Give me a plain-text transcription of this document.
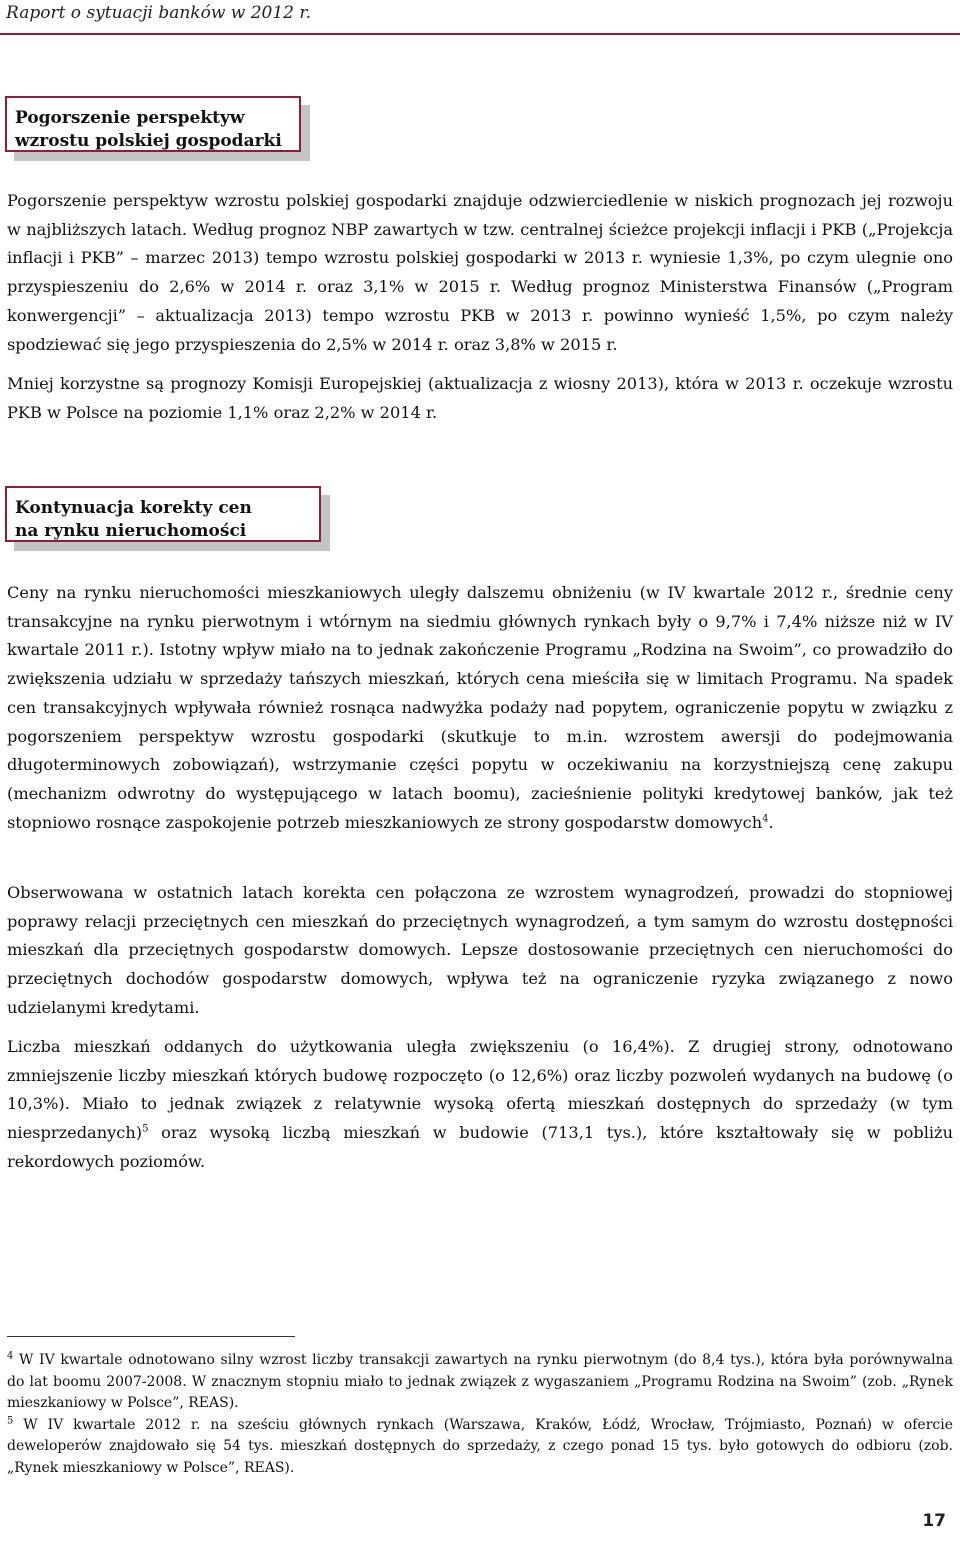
Raport o sytuacji banków w 2012 r.
Pogorszenie perspektyw
wzrostu polskiej gospodarki
Pogorszenie perspektyw wzrostu polskiej gospodarki znajduje odzwierciedlenie w niskich prognozach jej rozwoju w najbliższych latach. Według prognoz NBP zawartych w tzw. centralnej ścieżce projekcji inflacji i PKB („Projekcja inflacji i PKB” – marzec 2013) tempo wzrostu polskiej gospodarki w 2013 r. wyniesie 1,3%, po czym ulegnie ono przyspieszeniu do 2,6% w 2014 r. oraz 3,1% w 2015 r. Według prognoz Ministerstwa Finansów („Program konwergencji” – aktualizacja 2013) tempo wzrostu PKB w 2013 r. powinno wynieść 1,5%, po czym należy spodziewać się jego przyspieszenia do 2,5% w 2014 r. oraz 3,8% w 2015 r.
Mniej korzystne są prognozy Komisji Europejskiej (aktualizacja z wiosny 2013), która w 2013 r. oczekuje wzrostu PKB w Polsce na poziomie 1,1% oraz 2,2% w 2014 r.
Kontynuacja korekty cen
na rynku nieruchomości
Ceny na rynku nieruchomości mieszkaniowych uległy dalszemu obniżeniu (w IV kwartale 2012 r., średnie ceny transakcyjne na rynku pierwotnym i wtórnym na siedmiu głównych rynkach były o 9,7% i 7,4% niższe niż w IV kwartale 2011 r.). Istotny wpływ miało na to jednak zakończenie Programu „Rodzina na Swoim”, co prowadziło do zwiększenia udziału w sprzedaży tańszych mieszkań, których cena mieściła się w limitach Programu. Na spadek cen transakcyjnych wpływała również rosnąca nadwyżka podaży nad popytem, ograniczenie popytu w związku z pogorszeniem perspektyw wzrostu gospodarki (skutkuje to m.in. wzrostem awersji do podejmowania długoterminowych zobowiązań), wstrzymanie części popytu w oczekiwaniu na korzystniejszą cenę zakupu (mechanizm odwrotny do występującego w latach boomu), zacieśnienie polityki kredytowej banków, jak też stopniowo rosnące zaspokojenie potrzeb mieszkaniowych ze strony gospodarstw domowych$^4$.
Obserwowana w ostatnich latach korekta cen połączona ze wzrostem wynagrodzeń, prowadzi do stopniowej poprawy relacji przeciętnych cen mieszkań do przeciętnych wynagrodzeń, a tym samym do wzrostu dostępności mieszkań dla przeciętnych gospodarstw domowych. Lepsze dostosowanie przeciętnych cen nieruchomości do przeciętnych dochodów gospodarstw domowych, wpływa też na ograniczenie ryzyka związanego z nowo udzielanymi kredytami.
Liczba mieszkań oddanych do użytkowania uległa zwiększeniu (o 16,4%). Z drugiej strony, odnotowano zmniejszenie liczby mieszkań których budowę rozpoczęto (o 12,6%) oraz liczby pozwoleń wydanych na budowę (o 10,3%). Miało to jednak związek z relatywnie wysoką ofertą mieszkań dostępnych do sprzedaży (w tym niesprzedanych)$^5$ oraz wysoką liczbą mieszkań w budowie (713,1 tys.), które kształtowały się w pobliżu rekordowych poziomów.

$^4$ W IV kwartale odnotowano silny wzrost liczby transakcji zawartych na rynku pierwotnym (do 8,4 tys.), która była porównywalna do lat boomu 2007-2008. W znacznym stopniu miało to jednak związek z wygaszaniem „Programu Rodzina na Swoim” (zob. „Rynek mieszkaniowy w Polsce”, REAS).

$^5$ W IV kwartale 2012 r. na sześciu głównych rynkach (Warszawa, Kraków, Łódź, Wrocław, Trójmiasto, Poznań) w ofercie deweloperów znajdowało się 54 tys. mieszkań dostępnych do sprzedaży, z czego ponad 15 tys. było gotowych do odbioru (zob. „Rynek mieszkaniowy w Polsce”, REAS).

17
